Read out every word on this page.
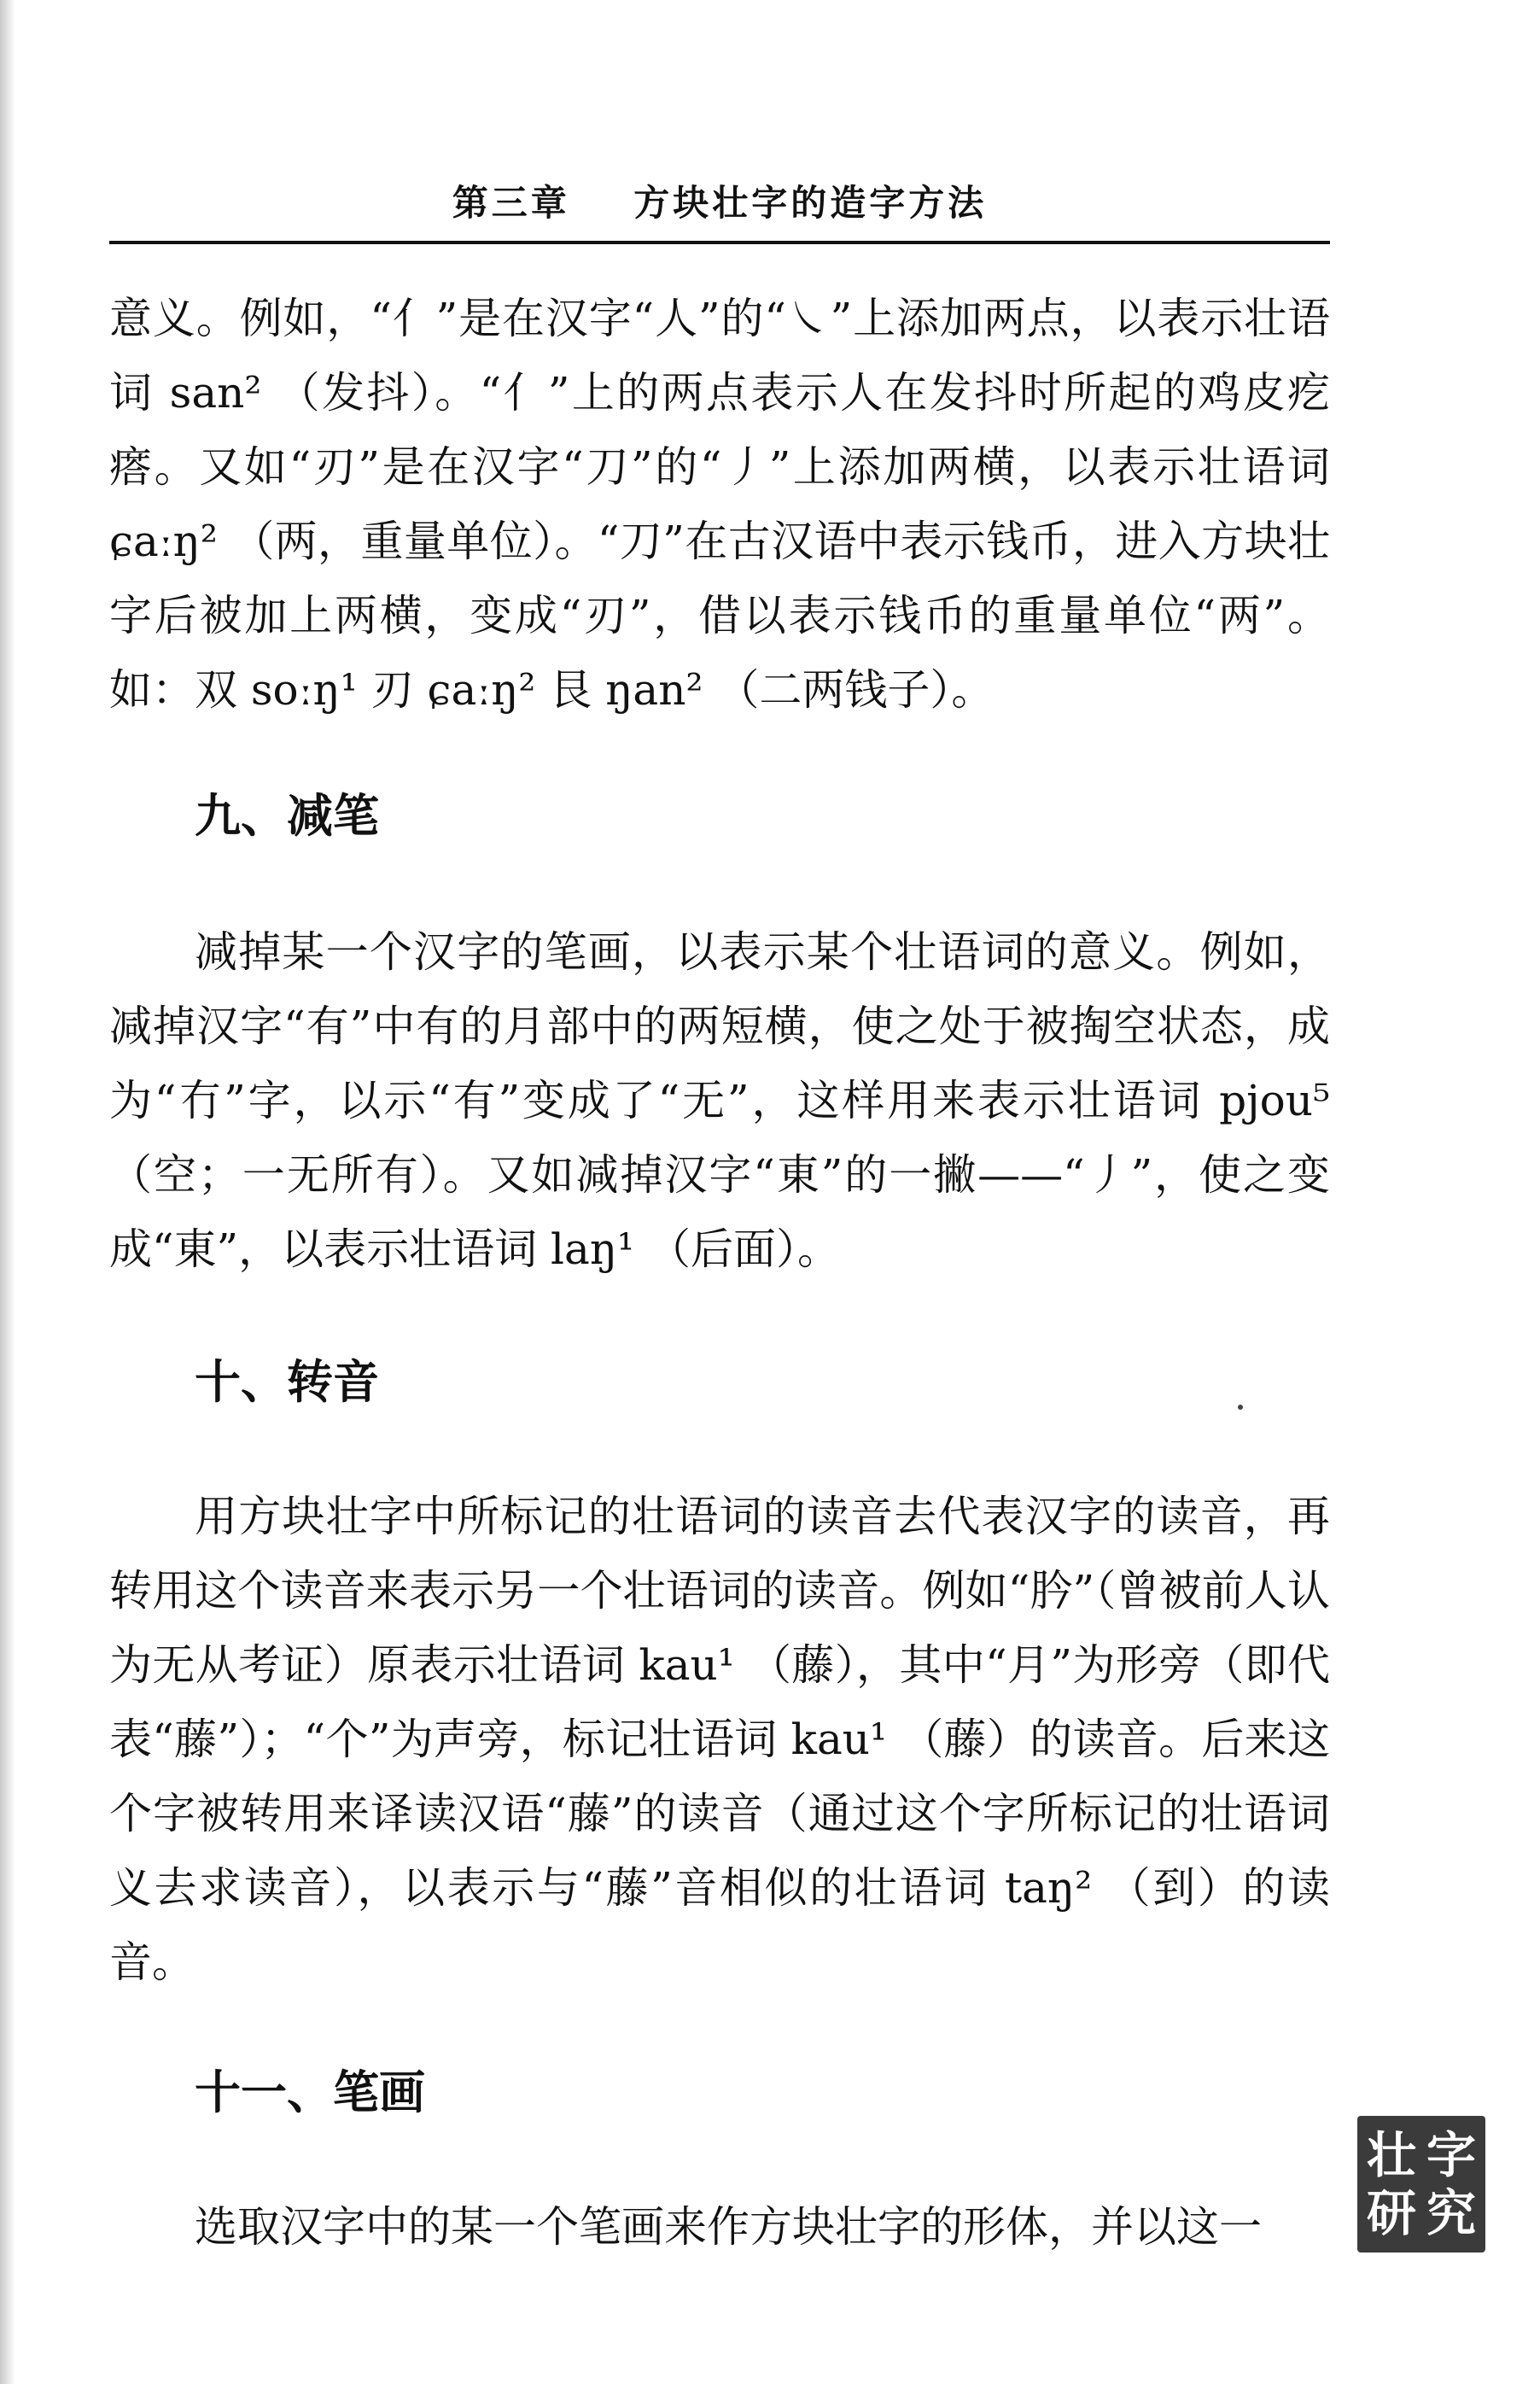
第三章 方块壮字的造字方法

意义。例如，“⺅”是在汉字“人”的“㇏”上添加两点，以表示壮语词 san² （发抖）。“⺅”上的两点表示人在发抖时所起的鸡皮疙瘩。又如“刃”是在汉字“刀”的“丿”上添加两横，以表示壮语词 ɕaːŋ² （两，重量单位）。“刀”在古汉语中表示钱币，进入方块壮字后被加上两横，变成“刃”，借以表示钱币的重量单位“两”。如：双 soːŋ¹ 刃 ɕaːŋ² 艮 ŋan² （二两钱子）。

九、减笔

减掉某一个汉字的笔画，以表示某个壮语词的意义。例如，减掉汉字“有”中有的月部中的两短横，使之处于被掏空状态，成为“冇”字，以示“有”变成了“无”，这样用来表示壮语词 pjou⁵ （空；一无所有）。又如减掉汉字“東”的一撇——“丿”，使之变成“東”，以表示壮语词 laŋ¹ （后面）。

十、转音

用方块壮字中所标记的壮语词的读音去代表汉字的读音，再转用这个读音来表示另一个壮语词的读音。例如“肣”（曾被前人认为无从考证）原表示壮语词 kau¹ （藤），其中“月”为形旁（即代表“藤”）；“个”为声旁，标记壮语词 kau¹ （藤）的读音。后来这个字被转用来译读汉语“藤”的读音（通过这个字所标记的壮语词义去求读音），以表示与“藤”音相似的壮语词 taŋ² （到）的读音。

十一、笔画

选取汉字中的某一个笔画来作方块壮字的形体，并以这一

壮 字
研 究
